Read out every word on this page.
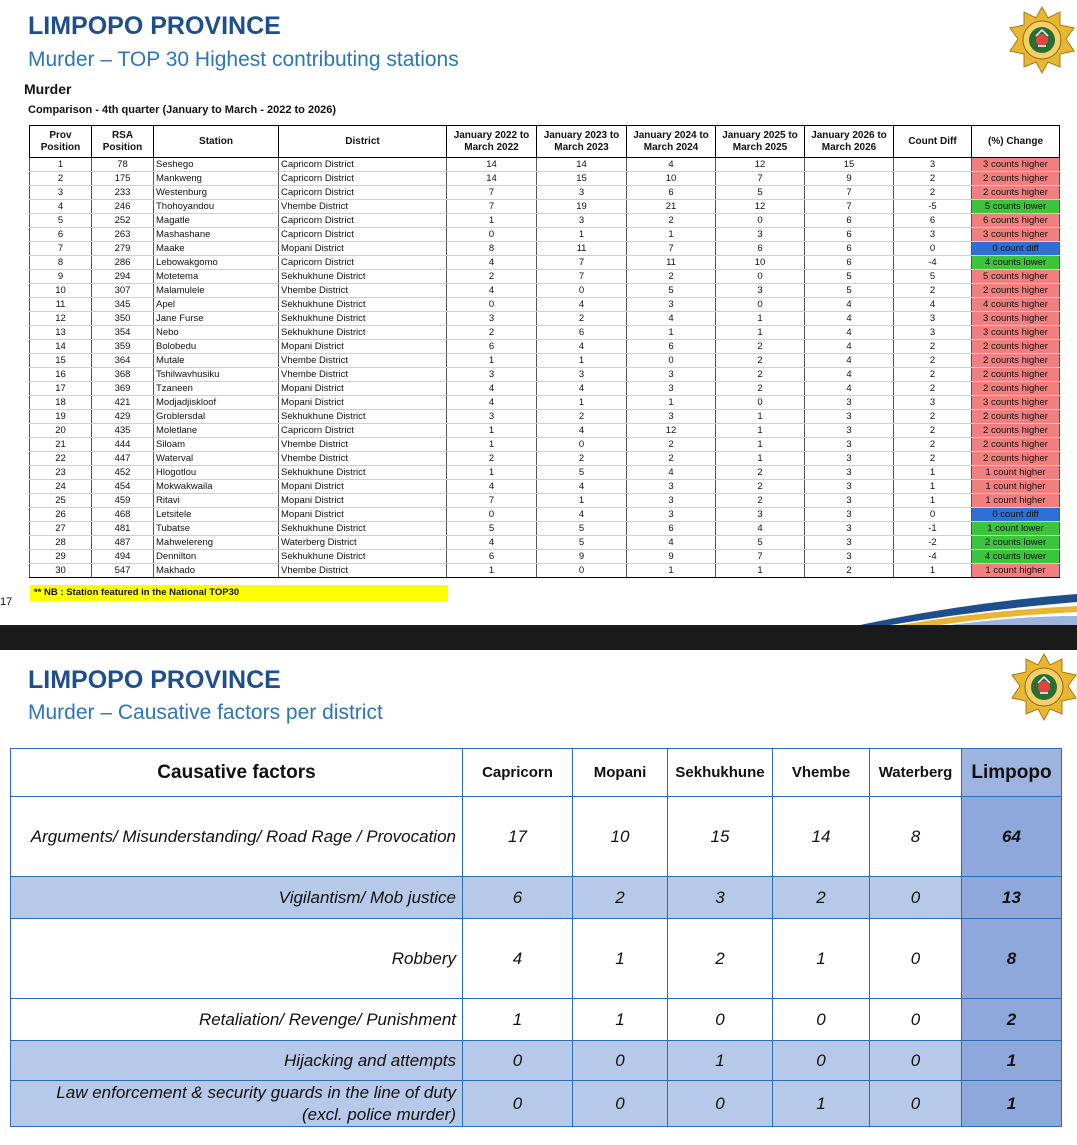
LIMPOPO PROVINCE
Murder – TOP 30 Highest contributing stations
Murder
Comparison - 4th quarter (January to March - 2022 to 2026)
Prov Position	RSA Position	Station	District	January 2022 to March 2022	January 2023 to March 2023	January 2024 to March 2024	January 2025 to March 2025	January 2026 to March 2026	Count Diff	(%) Change
1	78	Seshego	Capricorn District	14	14	4	12	15	3	3 counts higher
2	175	Mankweng	Capricorn District	14	15	10	7	9	2	2 counts higher
3	233	Westenburg	Capricorn District	7	3	6	5	7	2	2 counts higher
4	246	Thohoyandou	Vhembe District	7	19	21	12	7	-5	5 counts lower
5	252	Magatle	Capricorn District	1	3	2	0	6	6	6 counts higher
6	263	Mashashane	Capricorn District	0	1	1	3	6	3	3 counts higher
7	279	Maake	Mopani District	8	11	7	6	6	0	0 count diff
8	286	Lebowakgomo	Capricorn District	4	7	11	10	6	-4	4 counts lower
9	294	Motetema	Sekhukhune District	2	7	2	0	5	5	5 counts higher
10	307	Malamulele	Vhembe District	4	0	5	3	5	2	2 counts higher
11	345	Apel	Sekhukhune District	0	4	3	0	4	4	4 counts higher
12	350	Jane Furse	Sekhukhune District	3	2	4	1	4	3	3 counts higher
13	354	Nebo	Sekhukhune District	2	6	1	1	4	3	3 counts higher
14	359	Bolobedu	Mopani District	6	4	6	2	4	2	2 counts higher
15	364	Mutale	Vhembe District	1	1	0	2	4	2	2 counts higher
16	368	Tshilwavhusiku	Vhembe District	3	3	3	2	4	2	2 counts higher
17	369	Tzaneen	Mopani District	4	4	3	2	4	2	2 counts higher
18	421	Modjadjiskloof	Mopani District	4	1	1	0	3	3	3 counts higher
19	429	Groblersdal	Sekhukhune District	3	2	3	1	3	2	2 counts higher
20	435	Moletlane	Capricorn District	1	4	12	1	3	2	2 counts higher
21	444	Siloam	Vhembe District	1	0	2	1	3	2	2 counts higher
22	447	Waterval	Vhembe District	2	2	2	1	3	2	2 counts higher
23	452	Hlogotlou	Sekhukhune District	1	5	4	2	3	1	1 count higher
24	454	Mokwakwaila	Mopani District	4	4	3	2	3	1	1 count higher
25	459	Ritavi	Mopani District	7	1	3	2	3	1	1 count higher
26	468	Letsitele	Mopani District	0	4	3	3	3	0	0 count diff
27	481	Tubatse	Sekhukhune District	5	5	6	4	3	-1	1 count lower
28	487	Mahwelereng	Waterberg District	4	5	4	5	3	-2	2 counts lower
29	494	Dennilton	Sekhukhune District	6	9	9	7	3	-4	4 counts lower
30	547	Makhado	Vhembe District	1	0	1	1	2	1	1 count higher
** NB : Station featured in the National TOP30
17
LIMPOPO PROVINCE
Murder – Causative factors per district
Causative factors	Capricorn	Mopani	Sekhukhune	Vhembe	Waterberg	Limpopo
Arguments/ Misunderstanding/ Road Rage / Provocation	17	10	15	14	8	64
Vigilantism/ Mob justice	6	2	3	2	0	13
Robbery	4	1	2	1	0	8
Retaliation/ Revenge/ Punishment	1	1	0	0	0	2
Hijacking and attempts	0	0	1	0	0	1
Law enforcement & security guards in the line of duty (excl. police murder)	0	0	0	1	0	1
